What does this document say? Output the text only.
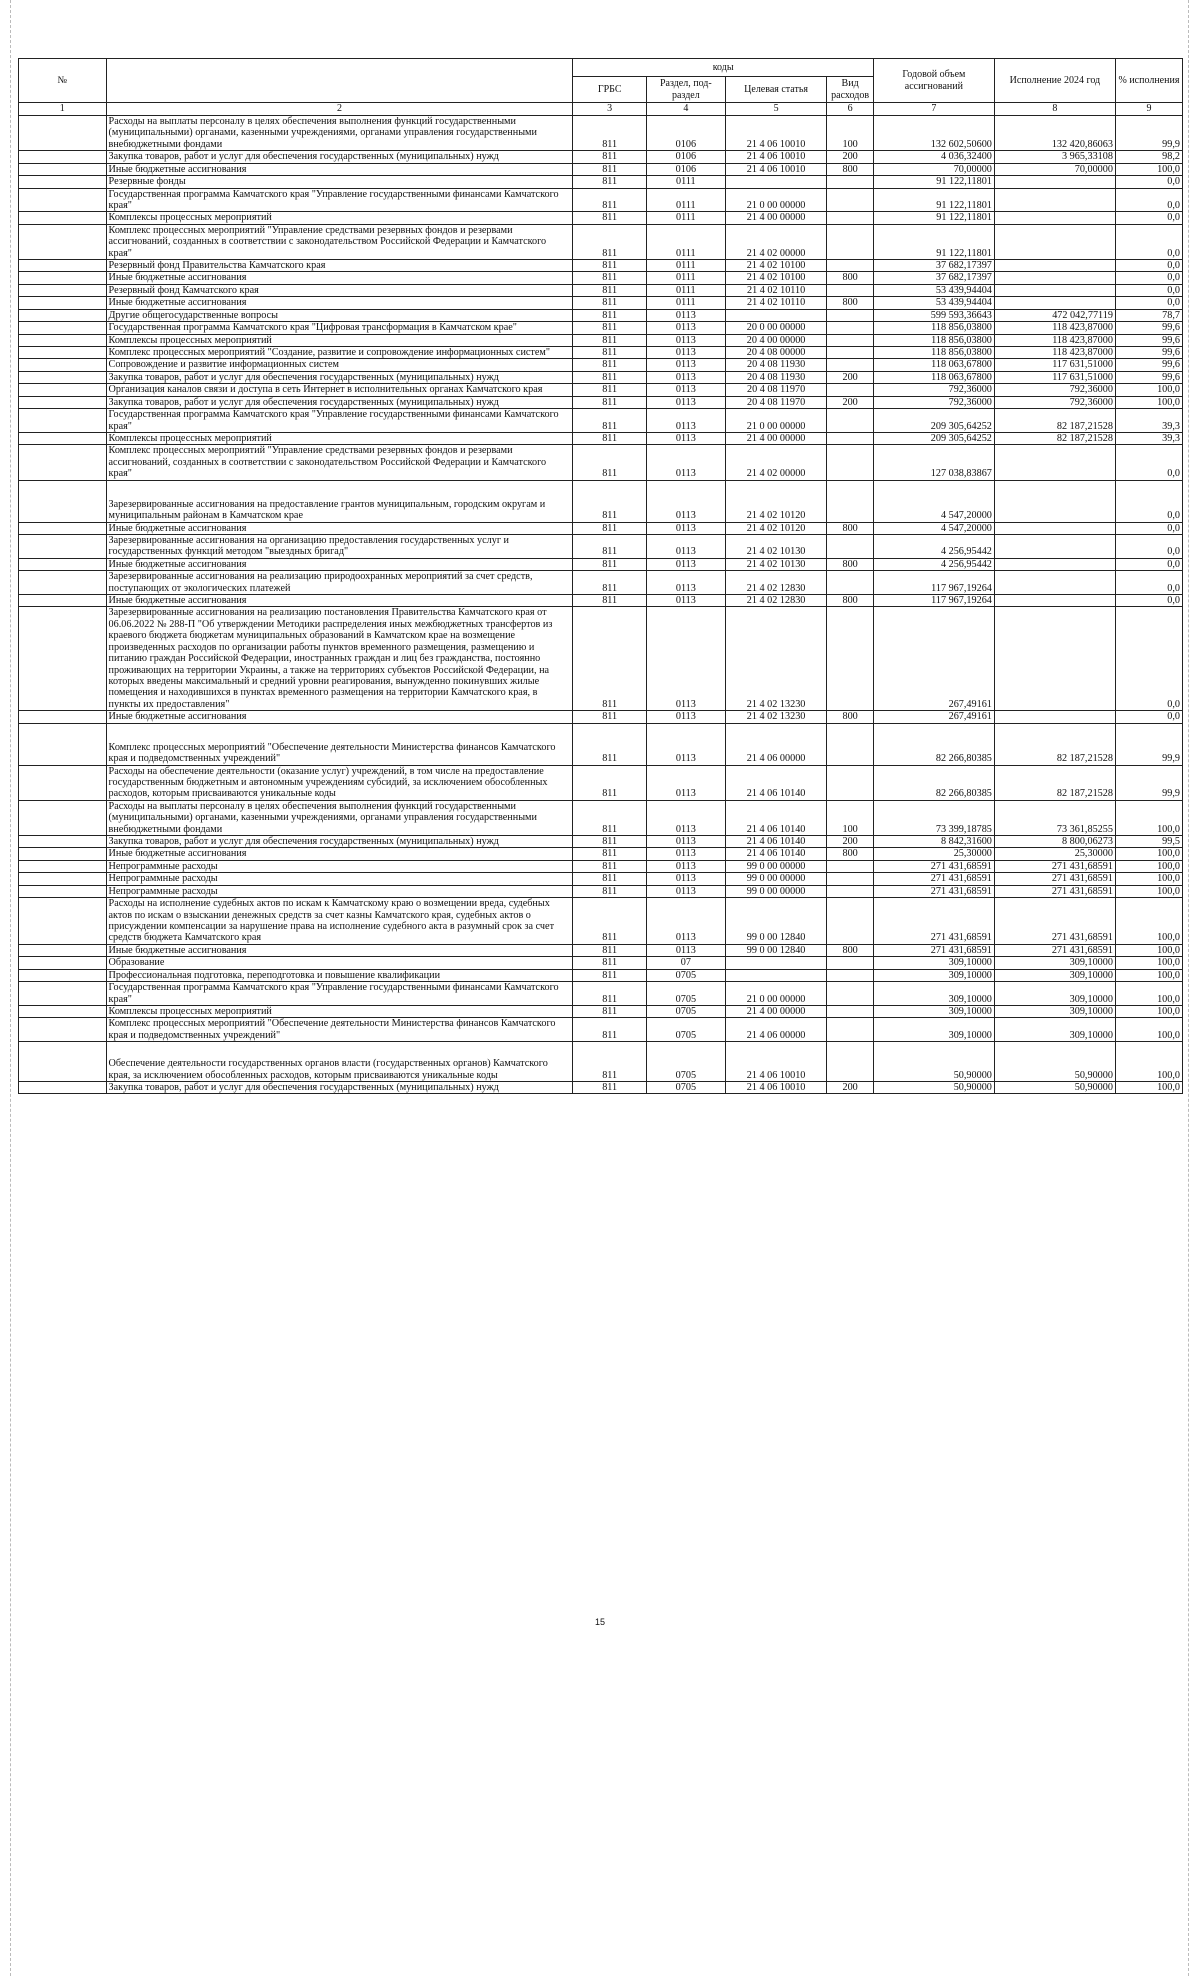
№		коды				Годовой объем ассигнований	Исполнение 2024 год	% исполнения
		ГРБС	Раздел, под-раздел	Целевая статья	Вид расходов			
1	2	3	4	5	6	7	8	9
	Расходы на выплаты персоналу в целях обеспечения выполнения функций государственными (муниципальными) органами, казенными учреждениями, органами управления государственными внебюджетными фондами	811	0106	21 4 06 10010	100	132 602,50600	132 420,86063	99,9
	Закупка товаров, работ и услуг для обеспечения государственных (муниципальных) нужд	811	0106	21 4 06 10010	200	4 036,32400	3 965,33108	98,2
	Иные бюджетные ассигнования	811	0106	21 4 06 10010	800	70,00000	70,00000	100,0
	Резервные фонды	811	0111			91 122,11801		0,0
	Государственная программа Камчатского края "Управление государственными финансами Камчатского края"	811	0111	21 0 00 00000		91 122,11801		0,0
	Комплексы процессных мероприятий	811	0111	21 4 00 00000		91 122,11801		0,0
	Комплекс процессных мероприятий "Управление средствами резервных фондов и резервами ассигнований, созданных в соответствии с законодательством Российской Федерации и Камчатского края"	811	0111	21 4 02 00000		91 122,11801		0,0
	Резервный фонд Правительства Камчатского края	811	0111	21 4 02 10100		37 682,17397		0,0
	Иные бюджетные ассигнования	811	0111	21 4 02 10100	800	37 682,17397		0,0
	Резервный фонд Камчатского края	811	0111	21 4 02 10110		53 439,94404		0,0
	Иные бюджетные ассигнования	811	0111	21 4 02 10110	800	53 439,94404		0,0
	Другие общегосударственные вопросы	811	0113			599 593,36643	472 042,77119	78,7
	Государственная программа Камчатского края "Цифровая трансформация в Камчатском крае"	811	0113	20 0 00 00000		118 856,03800	118 423,87000	99,6
	Комплексы процессных мероприятий	811	0113	20 4 00 00000		118 856,03800	118 423,87000	99,6
	Комплекс процессных мероприятий "Создание, развитие и сопровождение информационных систем"	811	0113	20 4 08 00000		118 856,03800	118 423,87000	99,6
	Сопровождение и развитие информационных систем	811	0113	20 4 08 11930		118 063,67800	117 631,51000	99,6
	Закупка товаров, работ и услуг для обеспечения государственных (муниципальных) нужд	811	0113	20 4 08 11930	200	118 063,67800	117 631,51000	99,6
	Организация каналов связи и доступа в сеть Интернет в исполнительных органах Камчатского края	811	0113	20 4 08 11970		792,36000	792,36000	100,0
	Закупка товаров, работ и услуг для обеспечения государственных (муниципальных) нужд	811	0113	20 4 08 11970	200	792,36000	792,36000	100,0
	Государственная программа Камчатского края "Управление государственными финансами Камчатского края"	811	0113	21 0 00 00000		209 305,64252	82 187,21528	39,3
	Комплексы процессных мероприятий	811	0113	21 4 00 00000		209 305,64252	82 187,21528	39,3
	Комплекс процессных мероприятий "Управление средствами резервных фондов и резервами ассигнований, созданных в соответствии с законодательством Российской Федерации и Камчатского края"	811	0113	21 4 02 00000		127 038,83867		0,0
	Зарезервированные ассигнования на предоставление грантов муниципальным, городским округам и муниципальным районам в Камчатском крае	811	0113	21 4 02 10120		4 547,20000		0,0
	Иные бюджетные ассигнования	811	0113	21 4 02 10120	800	4 547,20000		0,0
	Зарезервированные ассигнования на организацию предоставления государственных услуг и государственных функций методом "выездных бригад"	811	0113	21 4 02 10130		4 256,95442		0,0
	Иные бюджетные ассигнования	811	0113	21 4 02 10130	800	4 256,95442		0,0
	Зарезервированные ассигнования на реализацию природоохранных мероприятий за счет средств, поступающих от экологических платежей	811	0113	21 4 02 12830		117 967,19264		0,0
	Иные бюджетные ассигнования	811	0113	21 4 02 12830	800	117 967,19264		0,0
	Зарезервированные ассигнования на реализацию постановления Правительства Камчатского края от 06.06.2022 № 288-П "Об утверждении Методики распределения иных межбюджетных трансфертов из краевого бюджета бюджетам муниципальных образований в Камчатском крае на возмещение произведенных расходов по организации работы пунктов временного размещения, размещению и питанию граждан Российской Федерации, иностранных граждан и лиц без гражданства, постоянно проживающих на территории Украины, а также на территориях субъектов Российской Федерации, на которых введены максимальный и средний уровни реагирования, вынужденно покинувших жилые помещения и находившихся в пунктах временного размещения на территории Камчатского края, в пункты их предоставления"	811	0113	21 4 02 13230		267,49161		0,0
	Иные бюджетные ассигнования	811	0113	21 4 02 13230	800	267,49161		0,0
	Комплекс процессных мероприятий "Обеспечение деятельности Министерства финансов Камчатского края и подведомственных учреждений"	811	0113	21 4 06 00000		82 266,80385	82 187,21528	99,9
	Расходы на обеспечение деятельности (оказание услуг) учреждений, в том числе на предоставление государственным бюджетным и автономным учреждениям субсидий, за исключением обособленных расходов, которым присваиваются уникальные коды	811	0113	21 4 06 10140		82 266,80385	82 187,21528	99,9
	Расходы на выплаты персоналу в целях обеспечения выполнения функций государственными (муниципальными) органами, казенными учреждениями, органами управления государственными внебюджетными фондами	811	0113	21 4 06 10140	100	73 399,18785	73 361,85255	100,0
	Закупка товаров, работ и услуг для обеспечения государственных (муниципальных) нужд	811	0113	21 4 06 10140	200	8 842,31600	8 800,06273	99,5
	Иные бюджетные ассигнования	811	0113	21 4 06 10140	800	25,30000	25,30000	100,0
	Непрограммные расходы	811	0113	99 0 00 00000		271 431,68591	271 431,68591	100,0
	Непрограммные расходы	811	0113	99 0 00 00000		271 431,68591	271 431,68591	100,0
	Непрограммные расходы	811	0113	99 0 00 00000		271 431,68591	271 431,68591	100,0
	Расходы на исполнение судебных актов по искам к Камчатскому краю о возмещении вреда, судебных актов по искам о взыскании денежных средств за счет казны Камчатского края, судебных актов о присуждении компенсации за нарушение права на исполнение судебного акта в разумный срок за счет средств бюджета Камчатского края	811	0113	99 0 00 12840		271 431,68591	271 431,68591	100,0
	Иные бюджетные ассигнования	811	0113	99 0 00 12840	800	271 431,68591	271 431,68591	100,0
	Образование	811	07			309,10000	309,10000	100,0
	Профессиональная подготовка, переподготовка и повышение квалификации	811	0705			309,10000	309,10000	100,0
	Государственная программа Камчатского края "Управление государственными финансами Камчатского края"	811	0705	21 0 00 00000		309,10000	309,10000	100,0
	Комплексы процессных мероприятий	811	0705	21 4 00 00000		309,10000	309,10000	100,0
	Комплекс процессных мероприятий "Обеспечение деятельности Министерства финансов Камчатского края и подведомственных учреждений"	811	0705	21 4 06 00000		309,10000	309,10000	100,0
	Обеспечение деятельности государственных органов власти (государственных органов) Камчатского края, за исключением обособленных расходов, которым присваиваются уникальные коды	811	0705	21 4 06 10010		50,90000	50,90000	100,0
	Закупка товаров, работ и услуг для обеспечения государственных (муниципальных) нужд	811	0705	21 4 06 10010	200	50,90000	50,90000	100,0
15
